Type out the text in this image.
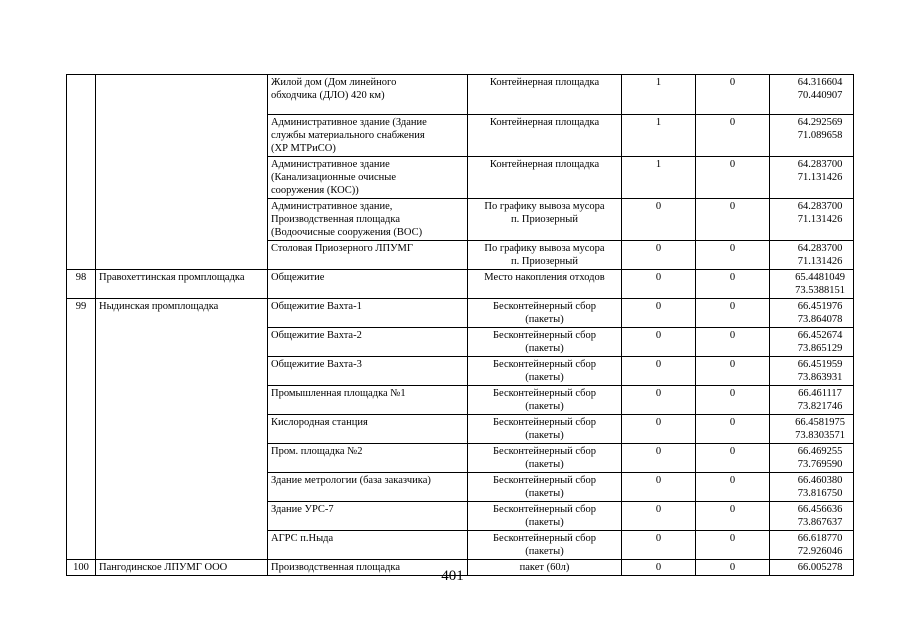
		Жилой дом (Дом линейного
обходчика (ДЛО) 420 км)	Контейнерная площадка	1	0	64.316604
70.440907
		Административное здание (Здание
службы материального снабжения
(ХР МТРиСО)	Контейнерная площадка	1	0	64.292569
71.089658
		Административное здание
(Канализационные очисные
сооружения (КОС))	Контейнерная площадка	1	0	64.283700
71.131426
		Административное здание,
Производственная площадка
(Водоочисные сооружения (ВОС)	По графику вывоза мусора
п. Приозерный	0	0	64.283700
71.131426
		Столовая Приозерного ЛПУМГ	По графику вывоза мусора
п. Приозерный	0	0	64.283700
71.131426
98	Правохеттинская промплощадка	Общежитие	Место накопления отходов	0	0	65.4481049
73.5388151
99	Ныдинская промплощадка	Общежитие Вахта-1	Бесконтейнерный сбор
(пакеты)	0	0	66.451976
73.864078
		Общежитие Вахта-2	Бесконтейнерный сбор
(пакеты)	0	0	66.452674
73.865129
		Общежитие Вахта-3	Бесконтейнерный сбор
(пакеты)	0	0	66.451959
73.863931
		Промышленная площадка №1	Бесконтейнерный сбор
(пакеты)	0	0	66.461117
73.821746
		Кислородная станция	Бесконтейнерный сбор
(пакеты)	0	0	66.4581975
73.8303571
		Пром. площадка №2	Бесконтейнерный сбор
(пакеты)	0	0	66.469255
73.769590
		Здание метрологии (база заказчика)	Бесконтейнерный сбор
(пакеты)	0	0	66.460380
73.816750
		Здание УРС-7	Бесконтейнерный сбор
(пакеты)	0	0	66.456636
73.867637
		АГРС п.Ныда	Бесконтейнерный сбор
(пакеты)	0	0	66.618770
72.926046
100	Пангодинское ЛПУМГ ООО	Производственная площадка	пакет (60л)	0	0	66.005278
401
